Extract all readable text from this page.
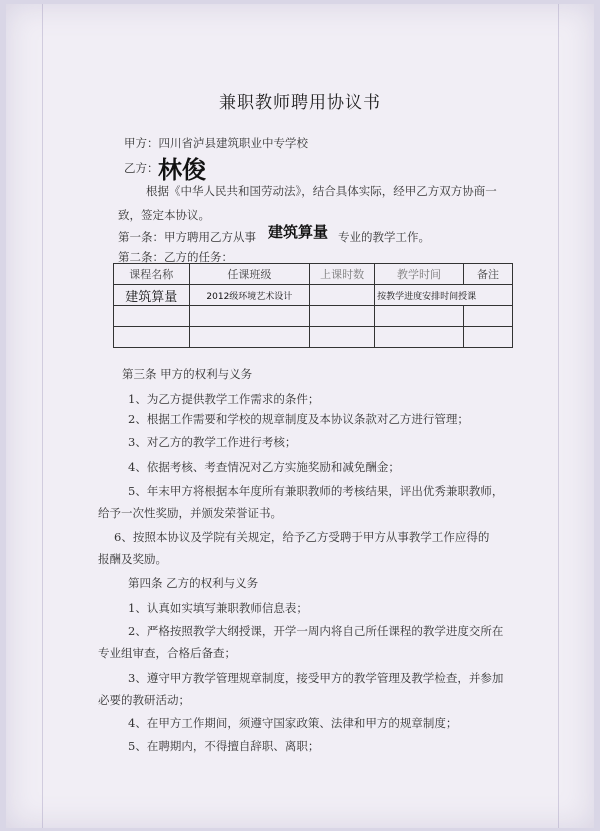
兼职教师聘用协议书
甲方：四川省泸县建筑职业中专学校
乙方： 林俊
根据《中华人民共和国劳动法》，结合具体实际，经甲乙方双方协商一
致，签定本协议。
第一条：甲方聘用乙方从事 建筑算量 专业的教学工作。
第二条：乙方的任务：
课程名称	任课班级	上课时数	教学时间	备注
建筑算量	2012级环境艺术设计		按教学进度安排时间授课	

第三条 甲方的权利与义务
1、为乙方提供教学工作需求的条件；
2、根据工作需要和学校的规章制度及本协议条款对乙方进行管理；
3、对乙方的教学工作进行考核；
4、依据考核、考查情况对乙方实施奖励和减免酬金；
5、年末甲方将根据本年度所有兼职教师的考核结果，评出优秀兼职教师，
给予一次性奖励，并颁发荣誉证书。
6、按照本协议及学院有关规定，给予乙方受聘于甲方从事教学工作应得的
报酬及奖励。
第四条 乙方的权利与义务
1、认真如实填写兼职教师信息表；
2、严格按照教学大纲授课，开学一周内将自己所任课程的教学进度交所在
专业组审查，合格后备查；
3、遵守甲方教学管理规章制度，接受甲方的教学管理及教学检查，并参加
必要的教研活动；
4、在甲方工作期间，须遵守国家政策、法律和甲方的规章制度；
5、在聘期内，不得擅自辞职、离职；
